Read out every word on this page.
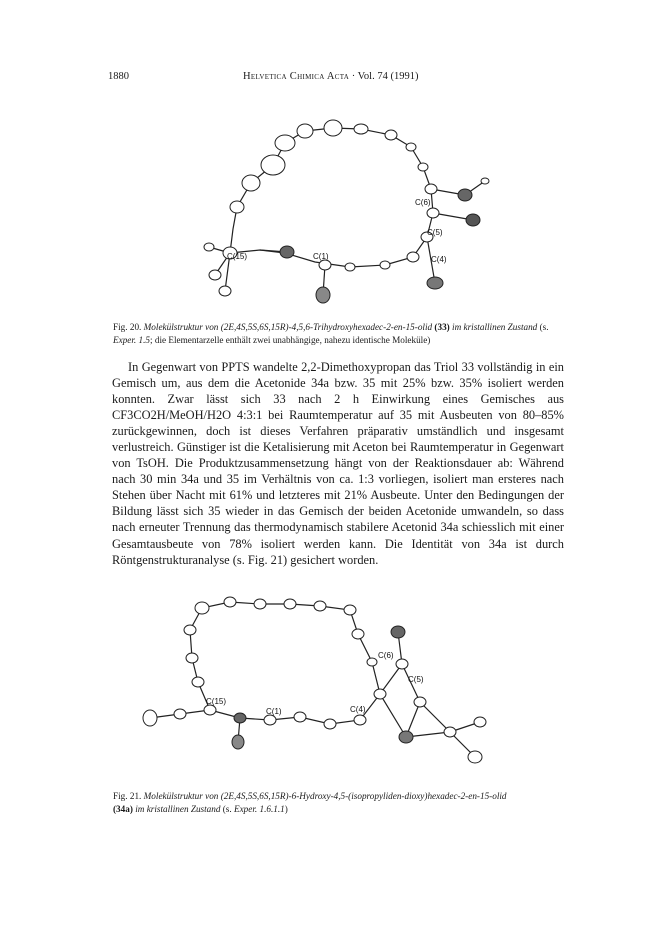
1880	Helvetica Chimica Acta · Vol. 74 (1991)
C(6)
C(5)
C(4)
C(15)	C(1)
Fig. 20. Molekülstruktur von (2E,4S,5S,6S,15R)-4,5,6-Trihydroxyhexadec-2-en-15-olid (33) im kristallinen Zustand (s. Exper. 1.5; die Elementarzelle enthält zwei unabhängige, nahezu identische Moleküle)

In Gegenwart von PPTS wandelte 2,2-Dimethoxypropan das Triol 33 vollständig in ein Gemisch um, aus dem die Acetonide 34a bzw. 35 mit 25% bzw. 35% isoliert werden konnten. Zwar lässt sich 33 nach 2 h Einwirkung eines Gemisches aus CF3CO2H/MeOH/H2O 4:3:1 bei Raumtemperatur auf 35 mit Ausbeuten von 80–85% zurückgewinnen, doch ist dieses Verfahren präparativ umständlich und insgesamt verlustreich. Günstiger ist die Ketalisierung mit Aceton bei Raumtemperatur in Gegenwart von TsOH. Die Produktzusammensetzung hängt von der Reaktionsdauer ab: Während nach 30 min 34a und 35 im Verhältnis von ca. 1:3 vorliegen, isoliert man ersteres nach Stehen über Nacht mit 61% und letzteres mit 21% Ausbeute. Unter den Bedingungen der Bildung lässt sich 35 wieder in das Gemisch der beiden Acetonide umwandeln, so dass nach erneuter Trennung das thermodynamisch stabilere Acetonid 34a schiesslich mit einer Gesamtausbeute von 78% isoliert werden kann. Die Identität von 34a ist durch Röntgenstrukturanalyse (s. Fig. 21) gesichert worden.

C(6)
C(5)
C(4)
C(15)
C(1)
Fig. 21. Molekülstruktur von (2E,4S,5S,6S,15R)-6-Hydroxy-4,5-(isopropyliden-dioxy)hexadec-2-en-15-olid (34a) im kristallinen Zustand (s. Exper. 1.6.1.1)
